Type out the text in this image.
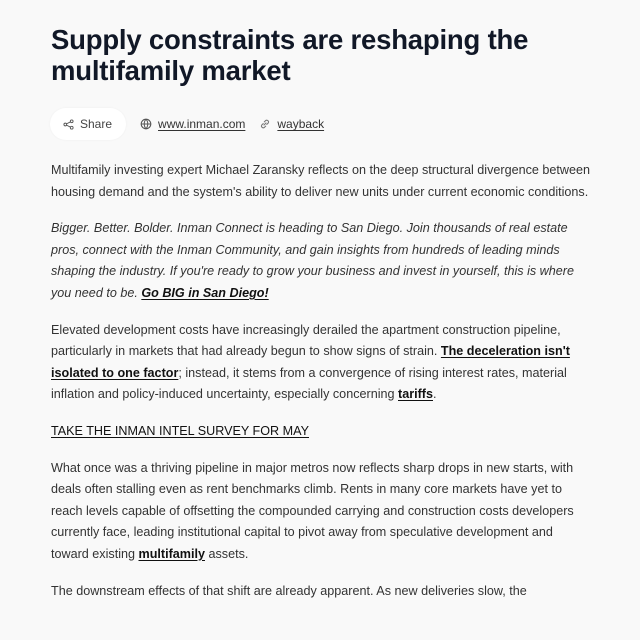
Supply constraints are reshaping the multifamily market
Share	www.inman.com	wayback

Multifamily investing expert Michael Zaransky reflects on the deep structural divergence between housing demand and the system's ability to deliver new units under current economic conditions.

Bigger. Better. Bolder. Inman Connect is heading to San Diego. Join thousands of real estate pros, connect with the Inman Community, and gain insights from hundreds of leading minds shaping the industry. If you're ready to grow your business and invest in yourself, this is where you need to be. Go BIG in San Diego!

Elevated development costs have increasingly derailed the apartment construction pipeline, particularly in markets that had already begun to show signs of strain. The deceleration isn't isolated to one factor; instead, it stems from a convergence of rising interest rates, material inflation and policy-induced uncertainty, especially concerning tariffs.

TAKE THE INMAN INTEL SURVEY FOR MAY

What once was a thriving pipeline in major metros now reflects sharp drops in new starts, with deals often stalling even as rent benchmarks climb. Rents in many core markets have yet to reach levels capable of offsetting the compounded carrying and construction costs developers currently face, leading institutional capital to pivot away from speculative development and toward existing multifamily assets.

The downstream effects of that shift are already apparent. As new deliveries slow, the
